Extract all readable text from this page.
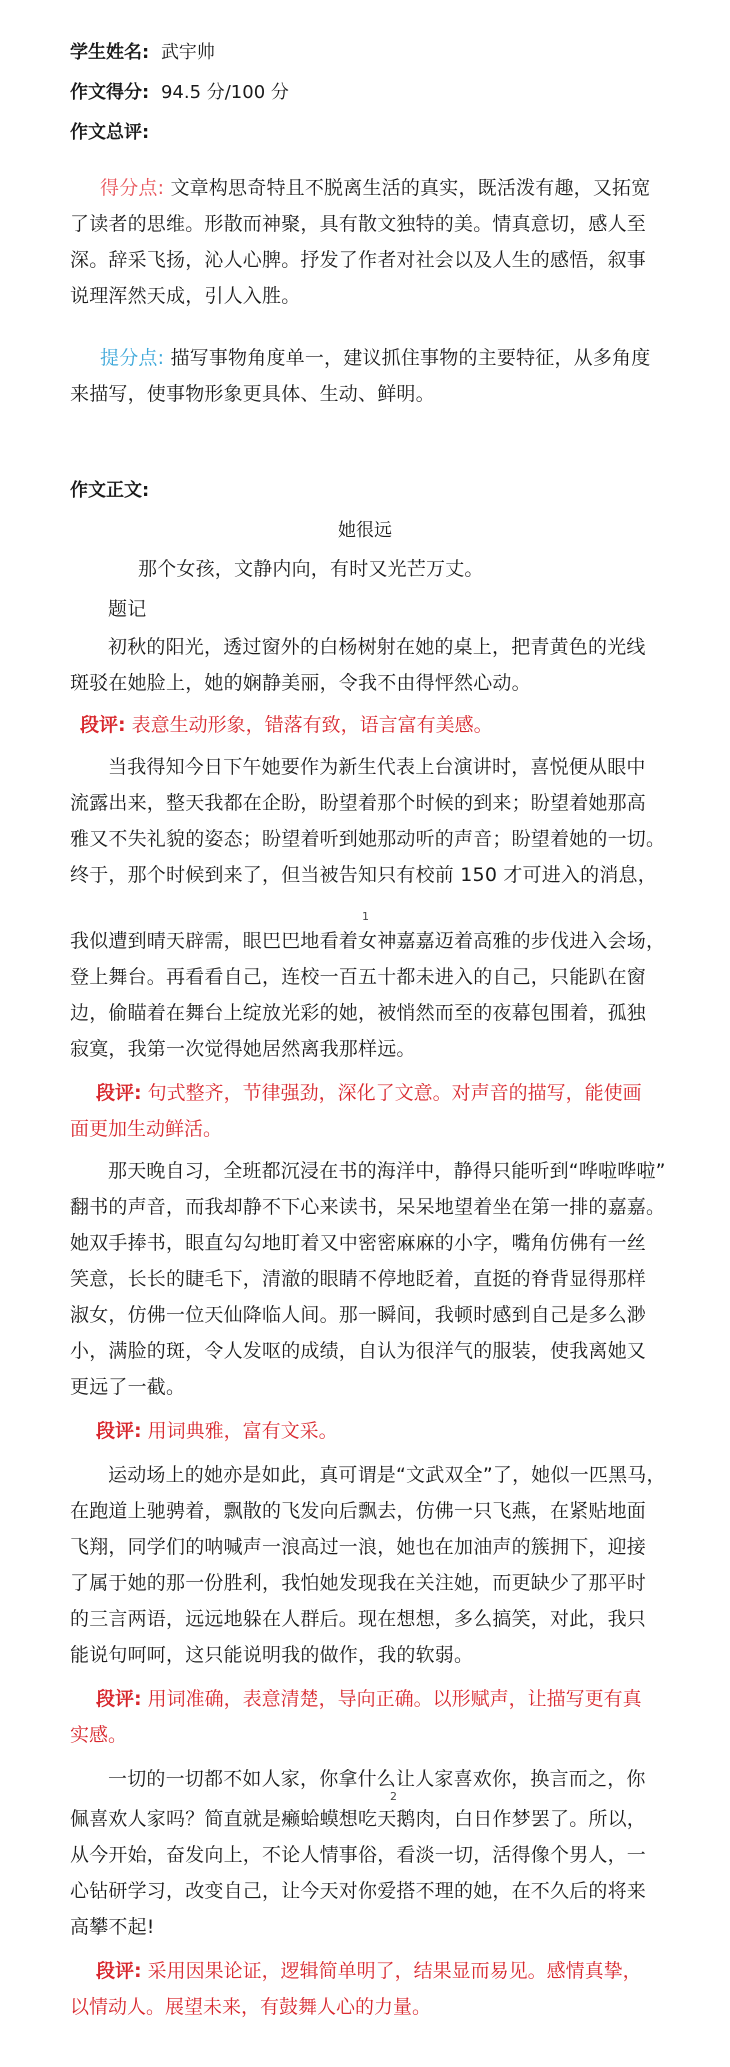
学生姓名: 武宇帅
作文得分: 94.5 分/100 分
作文总评:
得分点: 文章构思奇特且不脱离生活的真实，既活泼有趣，又拓宽
了读者的思维。形散而神聚，具有散文独特的美。情真意切，感人至
深。辞采飞扬，沁人心脾。抒发了作者对社会以及人生的感悟，叙事
说理浑然天成，引人入胜。
提分点: 描写事物角度单一，建议抓住事物的主要特征，从多角度
来描写，使事物形象更具体、生动、鲜明。
作文正文:
她很远
那个女孩，文静内向，有时又光芒万丈。
题记
初秋的阳光，透过窗外的白杨树射在她的桌上，把青黄色的光线
斑驳在她脸上，她的娴静美丽，令我不由得怦然心动。
段评: 表意生动形象，错落有致，语言富有美感。
当我得知今日下午她要作为新生代表上台演讲时，喜悦便从眼中
流露出来，整天我都在企盼，盼望着那个时候的到来；盼望着她那高
雅又不失礼貌的姿态；盼望着听到她那动听的声音；盼望着她的一切。
终于，那个时候到来了，但当被告知只有校前 150 才可进入的消息，
1
我似遭到晴天辟需，眼巴巴地看着女神嘉嘉迈着高雅的步伐进入会场，
登上舞台。再看看自己，连校一百五十都未进入的自己，只能趴在窗
边，偷瞄着在舞台上绽放光彩的她，被悄然而至的夜幕包围着，孤独
寂寞，我第一次觉得她居然离我那样远。
段评: 句式整齐，节律强劲，深化了文意。对声音的描写，能使画
面更加生动鲜活。
那天晚自习，全班都沉浸在书的海洋中，静得只能听到“哗啦哗啦”
翻书的声音，而我却静不下心来读书，呆呆地望着坐在第一排的嘉嘉。
她双手捧书，眼直勾勾地盯着又中密密麻麻的小字，嘴角仿佛有一丝
笑意，长长的睫毛下，清澈的眼睛不停地眨着，直挺的脊背显得那样
淑女，仿佛一位天仙降临人间。那一瞬间，我顿时感到自己是多么渺
小，满脸的斑，令人发呕的成绩，自认为很洋气的服装，使我离她又
更远了一截。
段评: 用词典雅，富有文采。
运动场上的她亦是如此，真可谓是“文武双全”了，她似一匹黑马，
在跑道上驰骋着，飘散的飞发向后飘去，仿佛一只飞燕，在紧贴地面
飞翔，同学们的呐喊声一浪高过一浪，她也在加油声的簇拥下，迎接
了属于她的那一份胜利，我怕她发现我在关注她，而更缺少了那平时
的三言两语，远远地躲在人群后。现在想想，多么搞笑，对此，我只
能说句呵呵，这只能说明我的做作，我的软弱。
段评: 用词准确，表意清楚，导向正确。以形赋声，让描写更有真
实感。
一切的一切都不如人家，你拿什么让人家喜欢你，换言而之，你
2
佩喜欢人家吗？简直就是癞蛤蟆想吃天鹅肉，白日作梦罢了。所以，
从今开始，奋发向上，不论人情事俗，看淡一切，活得像个男人，一
心钻研学习，改变自己，让今天对你爱搭不理的她，在不久后的将来
高攀不起!
段评: 采用因果论证，逻辑简单明了，结果显而易见。感情真挚，
以情动人。展望未来，有鼓舞人心的力量。
